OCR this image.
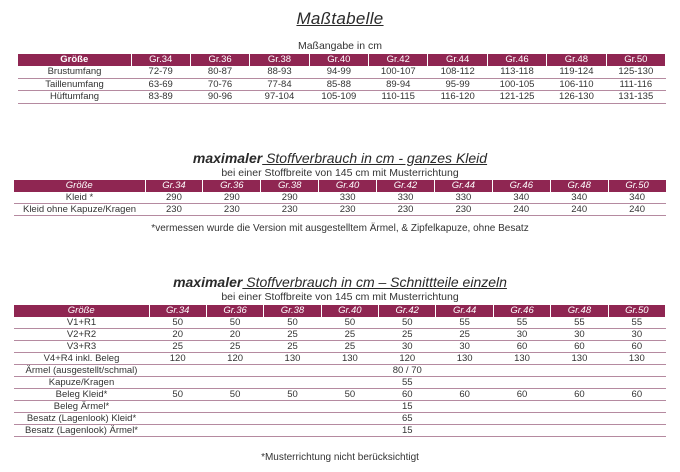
Maßtabelle
Maßangabe in cm
Größe	Gr.34	Gr.36	Gr.38	Gr.40	Gr.42	Gr.44	Gr.46	Gr.48	Gr.50
Brustumfang	72-79	80-87	88-93	94-99	100-107	108-112	113-118	119-124	125-130
Taillenumfang	63-69	70-76	77-84	85-88	89-94	95-99	100-105	106-110	111-116
Hüftumfang	83-89	90-96	97-104	105-109	110-115	116-120	121-125	126-130	131-135
maximaler Stoffverbrauch in cm - ganzes Kleid
bei einer Stoffbreite von 145 cm mit Musterrichtung
Größe	Gr.34	Gr.36	Gr.38	Gr.40	Gr.42	Gr.44	Gr.46	Gr.48	Gr.50
Kleid *	290	290	290	330	330	330	340	340	340
Kleid ohne Kapuze/Kragen	230	230	230	230	230	230	240	240	240
*vermessen wurde die Version mit ausgestelltem Ärmel, & Zipfelkapuze, ohne Besatz
maximaler Stoffverbrauch in cm – Schnittteile einzeln
bei einer Stoffbreite von 145 cm mit Musterrichtung
Größe	Gr.34	Gr.36	Gr.38	Gr.40	Gr.42	Gr.44	Gr.46	Gr.48	Gr.50
V1+R1	50	50	50	50	50	55	55	55	55
V2+R2	20	20	25	25	25	25	30	30	30
V3+R3	25	25	25	25	30	30	60	60	60
V4+R4 inkl. Beleg	120	120	130	130	120	130	130	130	130
Ärmel (ausgestellt/schmal)	80 / 70								
Kapuze/Kragen	55								
Beleg Kleid*	50	50	50	50	60	60	60	60	60
Beleg Ärmel*	15								
Besatz (Lagenlook) Kleid*	65								
Besatz (Lagenlook) Ärmel*	15								
*Musterrichtung nicht berücksichtigt
